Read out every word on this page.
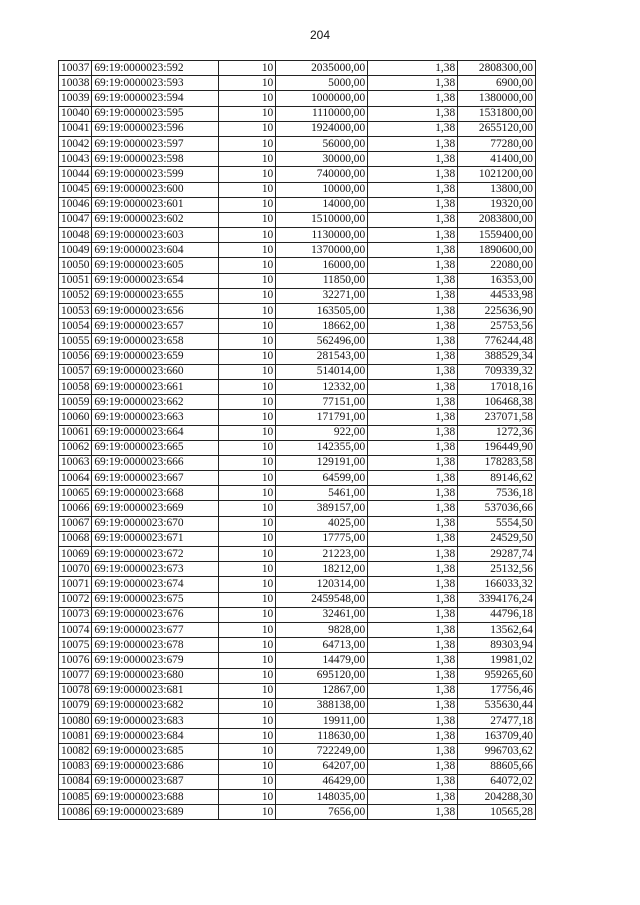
204
10037	69:19:0000023:592	10	2035000,00	1,38	2808300,00
10038	69:19:0000023:593	10	5000,00	1,38	6900,00
10039	69:19:0000023:594	10	1000000,00	1,38	1380000,00
10040	69:19:0000023:595	10	1110000,00	1,38	1531800,00
10041	69:19:0000023:596	10	1924000,00	1,38	2655120,00
10042	69:19:0000023:597	10	56000,00	1,38	77280,00
10043	69:19:0000023:598	10	30000,00	1,38	41400,00
10044	69:19:0000023:599	10	740000,00	1,38	1021200,00
10045	69:19:0000023:600	10	10000,00	1,38	13800,00
10046	69:19:0000023:601	10	14000,00	1,38	19320,00
10047	69:19:0000023:602	10	1510000,00	1,38	2083800,00
10048	69:19:0000023:603	10	1130000,00	1,38	1559400,00
10049	69:19:0000023:604	10	1370000,00	1,38	1890600,00
10050	69:19:0000023:605	10	16000,00	1,38	22080,00
10051	69:19:0000023:654	10	11850,00	1,38	16353,00
10052	69:19:0000023:655	10	32271,00	1,38	44533,98
10053	69:19:0000023:656	10	163505,00	1,38	225636,90
10054	69:19:0000023:657	10	18662,00	1,38	25753,56
10055	69:19:0000023:658	10	562496,00	1,38	776244,48
10056	69:19:0000023:659	10	281543,00	1,38	388529,34
10057	69:19:0000023:660	10	514014,00	1,38	709339,32
10058	69:19:0000023:661	10	12332,00	1,38	17018,16
10059	69:19:0000023:662	10	77151,00	1,38	106468,38
10060	69:19:0000023:663	10	171791,00	1,38	237071,58
10061	69:19:0000023:664	10	922,00	1,38	1272,36
10062	69:19:0000023:665	10	142355,00	1,38	196449,90
10063	69:19:0000023:666	10	129191,00	1,38	178283,58
10064	69:19:0000023:667	10	64599,00	1,38	89146,62
10065	69:19:0000023:668	10	5461,00	1,38	7536,18
10066	69:19:0000023:669	10	389157,00	1,38	537036,66
10067	69:19:0000023:670	10	4025,00	1,38	5554,50
10068	69:19:0000023:671	10	17775,00	1,38	24529,50
10069	69:19:0000023:672	10	21223,00	1,38	29287,74
10070	69:19:0000023:673	10	18212,00	1,38	25132,56
10071	69:19:0000023:674	10	120314,00	1,38	166033,32
10072	69:19:0000023:675	10	2459548,00	1,38	3394176,24
10073	69:19:0000023:676	10	32461,00	1,38	44796,18
10074	69:19:0000023:677	10	9828,00	1,38	13562,64
10075	69:19:0000023:678	10	64713,00	1,38	89303,94
10076	69:19:0000023:679	10	14479,00	1,38	19981,02
10077	69:19:0000023:680	10	695120,00	1,38	959265,60
10078	69:19:0000023:681	10	12867,00	1,38	17756,46
10079	69:19:0000023:682	10	388138,00	1,38	535630,44
10080	69:19:0000023:683	10	19911,00	1,38	27477,18
10081	69:19:0000023:684	10	118630,00	1,38	163709,40
10082	69:19:0000023:685	10	722249,00	1,38	996703,62
10083	69:19:0000023:686	10	64207,00	1,38	88605,66
10084	69:19:0000023:687	10	46429,00	1,38	64072,02
10085	69:19:0000023:688	10	148035,00	1,38	204288,30
10086	69:19:0000023:689	10	7656,00	1,38	10565,28
